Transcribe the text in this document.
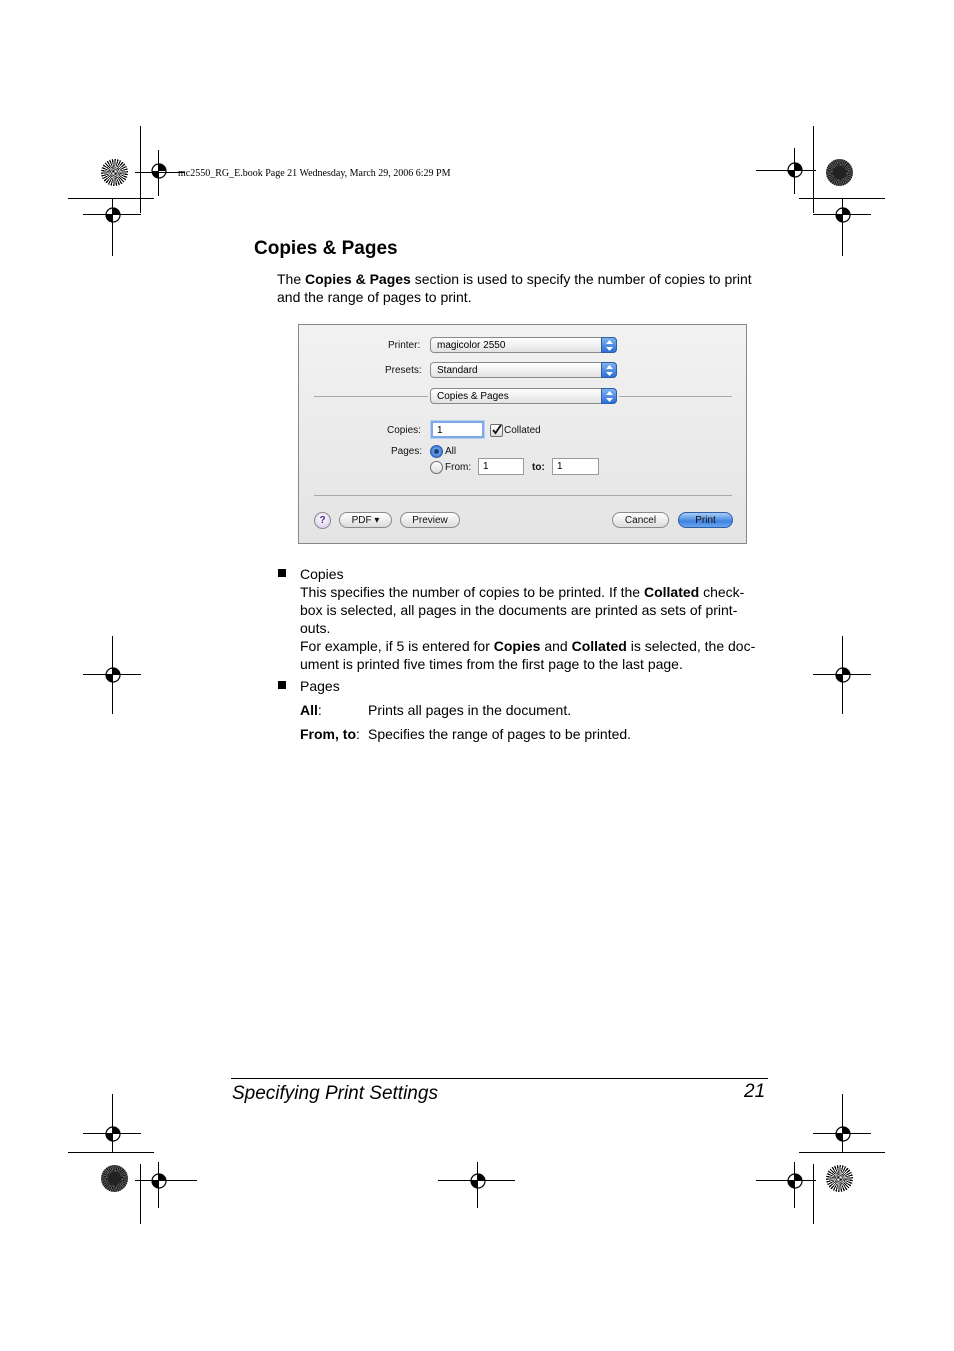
mc2550_RG_E.book Page 21 Wednesday, March 29, 2006 6:29 PM
Copies & Pages
The Copies & Pages section is used to specify the number of copies to print
and the range of pages to print.
Printer:	magicolor 2550
Presets:	Standard
Copies & Pages
Copies:	1	Collated
Pages: All
From:	1	to:	1
?	PDF ▾	Preview	Cancel	Print
Copies
This specifies the number of copies to be printed. If the Collated check-
box is selected, all pages in the documents are printed as sets of print-
outs.
For example, if 5 is entered for Copies and Collated is selected, the doc-
ument is printed five times from the first page to the last page.
Pages
All:	Prints all pages in the document.
From, to: Specifies the range of pages to be printed.
Specifying Print Settings	21
